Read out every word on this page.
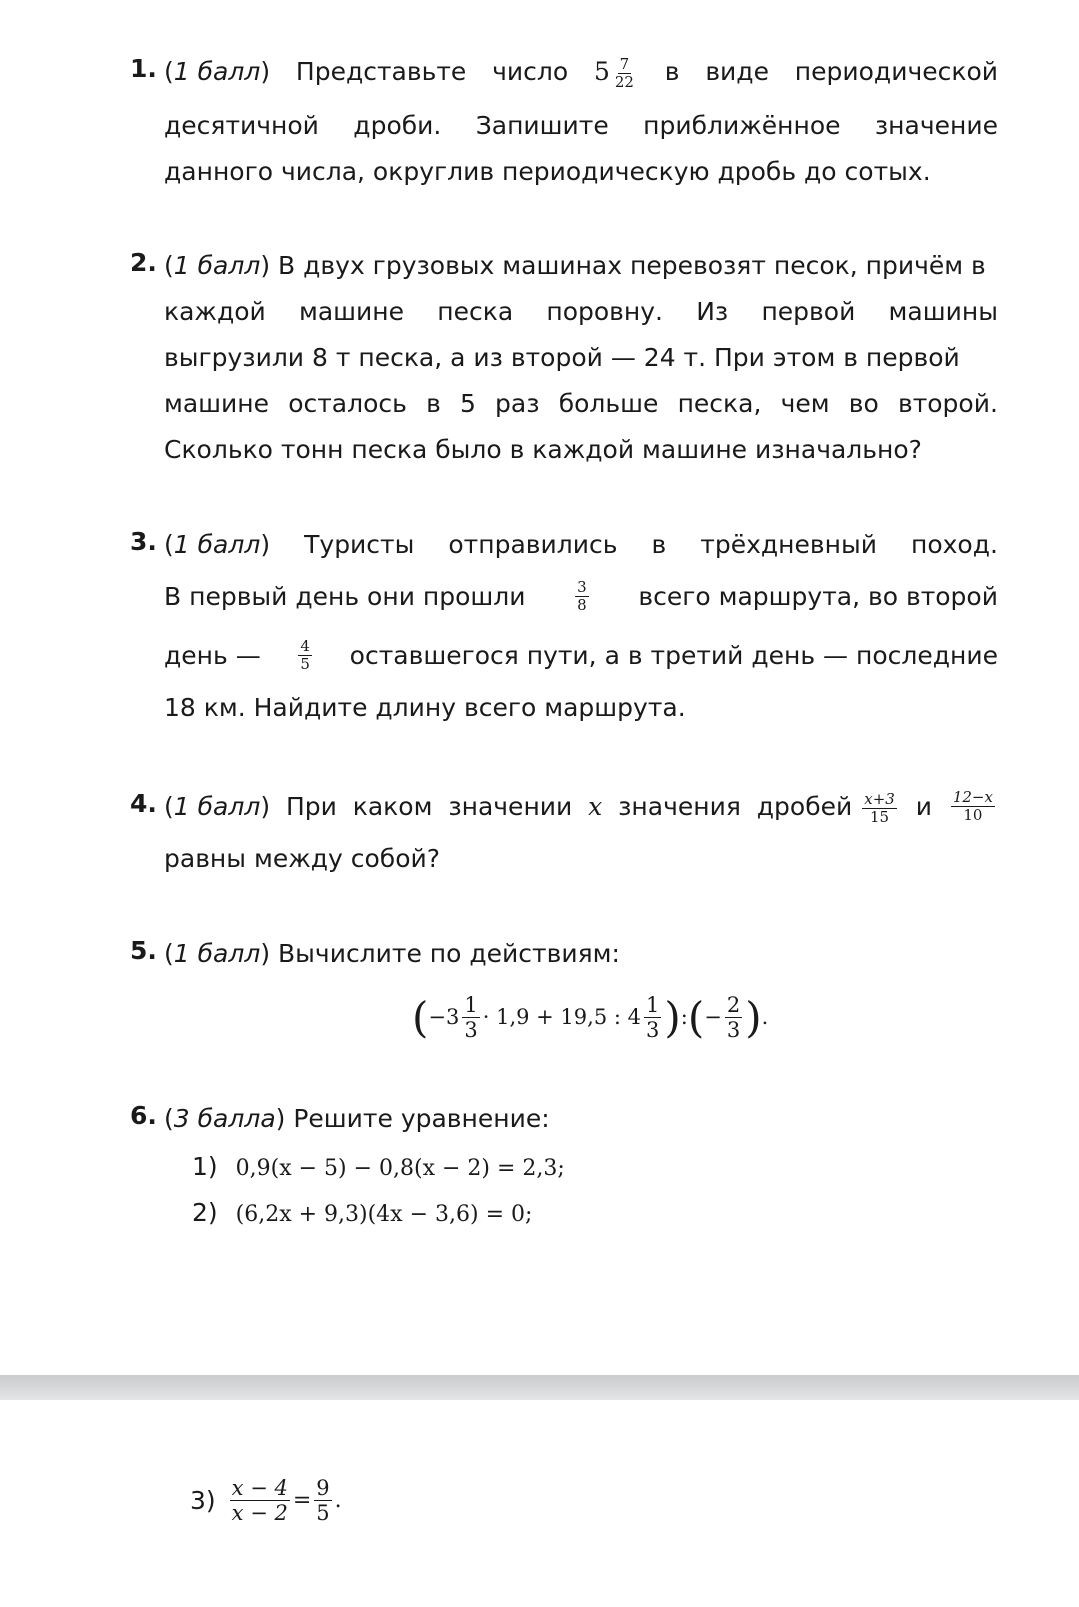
1. (1 балл) Представьте число $5 \frac{7}{22}$ в виде периодической
десятичной дроби. Запишите приближённое значение
данного числа, округлив периодическую дробь до сотых.
2. (1 балл) В двух грузовых машинах перевозят песок, причём в
каждой машине песка поровну. Из первой машины
выгрузили 8 т песка, а из второй — 24 т. При этом в первой
машине осталось в 5 раз больше песка, чем во второй.
Сколько тонн песка было в каждой машине изначально?
3. (1 балл) Туристы отправились в трёхдневный поход.
В первый день они прошли	$\frac{3}{8}$ всего маршрута, во второй
день —	$\frac{4}{5}$ оставшегося пути, а в третий день — последние
18 км. Найдите длину всего маршрута.
4. (1 балл) При каком значении x значения дробей $\frac{x+3}{15}$ и $\frac{12-x}{10}$
равны между собой?
5. (1 балл) Вычислите по действиям:
( $-3 \frac{1}{3} \cdot 1,9 + 19,5$ : $4 \frac{1}{3}$ ) : ( − $\frac{2}{3}$ ) .
6. (3 балла) Решите уравнение:
1) 0,9(x − 5) − 0,8(x − 2) = 2,3;
2) (6,2x + 9,3)(4x − 3,6) = 0;
$3) \frac{x - 4}{x - 2} = \frac{9}{5}$ .
